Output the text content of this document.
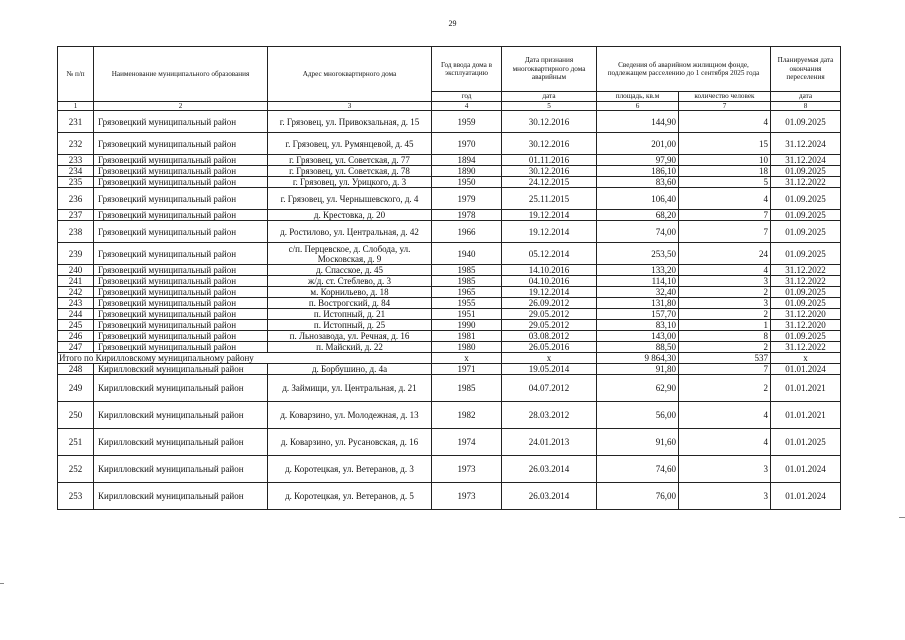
29
№ п/п	Наименование муниципального образования	Адрес многоквартирного дома	Год ввода дома в эксплуатацию	Дата признания многоквартирного дома аварийным	Сведения об аварийном жилищном фонде, подлежащем расселению до 1 сентября 2025 года		Планируемая дата окончания переселения
			год	дата	площадь, кв.м	количество человек	дата
1	2	3	4	5	6	7	8
231	Грязовецкий муниципальный район	г. Грязовец, ул. Привокзальная, д. 15	1959	30.12.2016	144,90	4	01.09.2025
232	Грязовецкий муниципальный район	г. Грязовец, ул. Румянцевой, д. 45	1970	30.12.2016	201,00	15	31.12.2024
233	Грязовецкий муниципальный район	г. Грязовец, ул. Советская, д. 77	1894	01.11.2016	97,90	10	31.12.2024
234	Грязовецкий муниципальный район	г. Грязовец, ул. Советская, д. 78	1890	30.12.2016	186,10	18	01.09.2025
235	Грязовецкий муниципальный район	г. Грязовец, ул. Урицкого, д. 3	1950	24.12.2015	83,60	5	31.12.2022
236	Грязовецкий муниципальный район	г. Грязовец, ул. Чернышевского, д. 4	1979	25.11.2015	106,40	4	01.09.2025
237	Грязовецкий муниципальный район	д. Крестовка, д. 20	1978	19.12.2014	68,20	7	01.09.2025
238	Грязовецкий муниципальный район	д. Ростилово, ул. Центральная, д. 42	1966	19.12.2014	74,00	7	01.09.2025
239	Грязовецкий муниципальный район	с/п. Перцевское, д. Слобода, ул. Московская, д. 9	1940	05.12.2014	253,50	24	01.09.2025
240	Грязовецкий муниципальный район	д. Спасское, д. 45	1985	14.10.2016	133,20	4	31.12.2022
241	Грязовецкий муниципальный район	ж/д. ст. Стеблево, д. 3	1985	04.10.2016	114,10	3	31.12.2022
242	Грязовецкий муниципальный район	м. Корнильево, д. 18	1965	19.12.2014	32,40	2	01.09.2025
243	Грязовецкий муниципальный район	п. Вострогский, д. 84	1955	26.09.2012	131,80	3	01.09.2025
244	Грязовецкий муниципальный район	п. Истопный, д. 21	1951	29.05.2012	157,70	2	31.12.2020
245	Грязовецкий муниципальный район	п. Истопный, д. 25	1990	29.05.2012	83,10	1	31.12.2020
246	Грязовецкий муниципальный район	п. Льнозавода, ул. Речная, д. 16	1981	03.08.2012	143,00	8	01.09.2025
247	Грязовецкий муниципальный район	п. Майский, д. 22	1980	26.05.2016	88,50	2	31.12.2022
Итого по Кирилловскому муниципальному району			х	х	9 864,30	537	х
248	Кирилловский муниципальный район	д. Борбушино, д. 4а	1971	19.05.2014	91,80	7	01.01.2024
249	Кирилловский муниципальный район	д. Займищи, ул. Центральная, д. 21	1985	04.07.2012	62,90	2	01.01.2021
250	Кирилловский муниципальный район	д. Коварзино, ул. Молодежная, д. 13	1982	28.03.2012	56,00	4	01.01.2021
251	Кирилловский муниципальный район	д. Коварзино, ул. Русановская, д. 16	1974	24.01.2013	91,60	4	01.01.2025
252	Кирилловский муниципальный район	д. Коротецкая, ул. Ветеранов, д. 3	1973	26.03.2014	74,60	3	01.01.2024
253	Кирилловский муниципальный район	д. Коротецкая, ул. Ветеранов, д. 5	1973	26.03.2014	76,00	3	01.01.2024
